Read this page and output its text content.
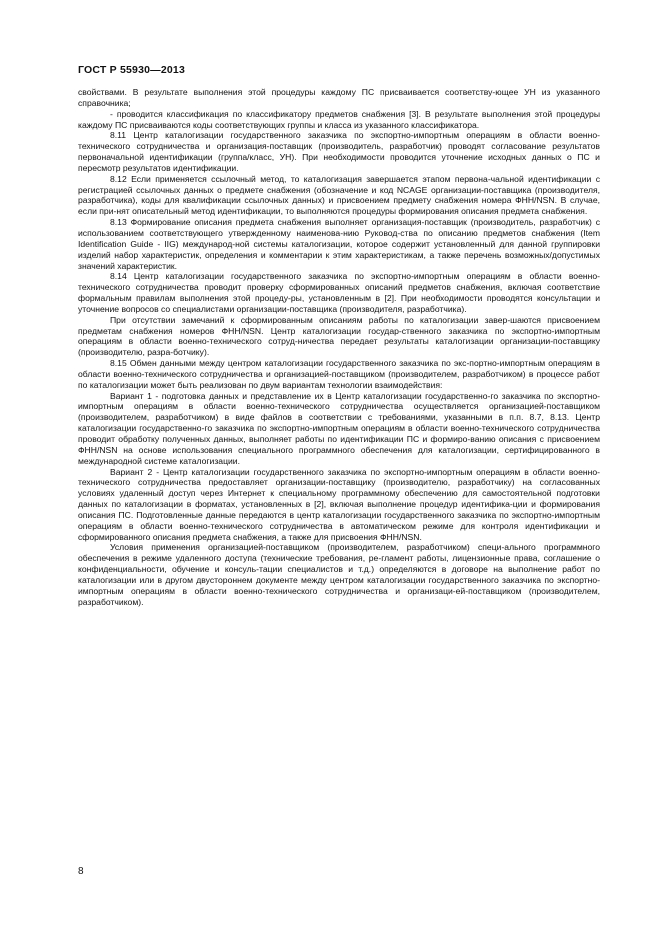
ГОСТ Р 55930—2013

свойствами. В результате выполнения этой процедуры каждому ПС присваивается соответству-ющее УН из указанного справочника;

- проводится классификация по классификатору предметов снабжения [3]. В результате выполнения этой процедуры каждому ПС присваиваются коды соответствующих группы и класса из указанного классификатора.

8.11 Центр каталогизации государственного заказчика по экспортно-импортным операциям в области военно-технического сотрудничества и организация-поставщик (производитель, разработчик) проводят согласование результатов первоначальной идентификации (группа/класс, УН). При необходимости проводится уточнение исходных данных о ПС и пересмотр результатов идентификации.

8.12 Если применяется ссылочный метод, то каталогизация завершается этапом первона-чальной идентификации с регистрацией ссылочных данных о предмете снабжения (обозначение и код NCAGE организации-поставщика (производителя, разработчика), коды для квалификации ссылочных данных) и присвоением предмету снабжения номера ФНН/NSN. В случае, если при-нят описательный метод идентификации, то выполняются процедуры формирования описания предмета снабжения.

8.13 Формирование описания предмета снабжения выполняет организация-поставщик (производитель, разработчик) с использованием соответствующего утвержденному наименова-нию Руковод-ства по описанию предметов снабжения (Item Identification Guide - IIG) международ-ной системы каталогизации, которое содержит установленный для данной группировки изделий набор характеристик, определения и комментарии к этим характеристикам, а также перечень возможных/допустимых значений характеристик.

8.14 Центр каталогизации государственного заказчика по экспортно-импортным операциям в области военно-технического сотрудничества проводит проверку сформированных описаний предметов снабжения, включая соответствие формальным правилам выполнения этой процеду-ры, установленным в [2]. При необходимости проводятся консультации и уточнение вопросов со специалистами организации-поставщика (производителя, разработчика).

При отсутствии замечаний к сформированным описаниям работы по каталогизации завер-шаются присвоением предметам снабжения номеров ФНН/NSN. Центр каталогизации государ-ственного заказчика по экспортно-импортным операциям в области военно-технического сотруд-ничества передает результаты каталогизации организации-поставщику (производителю, разра-ботчику).

8.15 Обмен данными между центром каталогизации государственного заказчика по экс-портно-импортным операциям в области военно-технического сотрудничества и организацией-поставщиком (производителем, разработчиком) в процессе работ по каталогизации может быть реализован по двум вариантам технологии взаимодействия:

Вариант 1 - подготовка данных и представление их в Центр каталогизации государственно-го заказчика по экспортно-импортным операциям в области военно-технического сотрудничества осуществляется организацией-поставщиком (производителем, разработчиком) в виде файлов в соответствии с требованиями, указанными в п.п. 8.7, 8.13. Центр каталогизации государственно-го заказчика по экспортно-импортным операциям в области военно-технического сотрудничества проводит обработку полученных данных, выполняет работы по идентификации ПС и формиро-ванию описания с присвоением ФНН/NSN на основе использования специального программного обеспечения для каталогизации, сертифицированного в международной системе каталогизации.

Вариант 2 - Центр каталогизации государственного заказчика по экспортно-импортным операциям в области военно-технического сотрудничества предоставляет организации-поставщику (производителю, разработчику) на согласованных условиях удаленный доступ через Интернет к специальному программному обеспечению для самостоятельной подготовки данных по каталогизации в форматах, установленных в [2], включая выполнение процедур идентифика-ции и формирования описания ПС. Подготовленные данные передаются в центр каталогизации государственного заказчика по экспортно-импортным операциям в области военно-технического сотрудничества в автоматическом режиме для контроля идентификации и сформированного описания предмета снабжения, а также для присвоения ФНН/NSN.

Условия применения организацией-поставщиком (производителем, разработчиком) специ-ального программного обеспечения в режиме удаленного доступа (технические требования, ре-гламент работы, лицензионные права, соглашение о конфиденциальности, обучение и консуль-тации специалистов и т.д.) определяются в договоре на выполнение работ по каталогизации или в другом двустороннем документе между центром каталогизации государственного заказчика по экспортно-импортным операциям в области военно-технического сотрудничества и организаци-ей-поставщиком (производителем, разработчиком).

8
